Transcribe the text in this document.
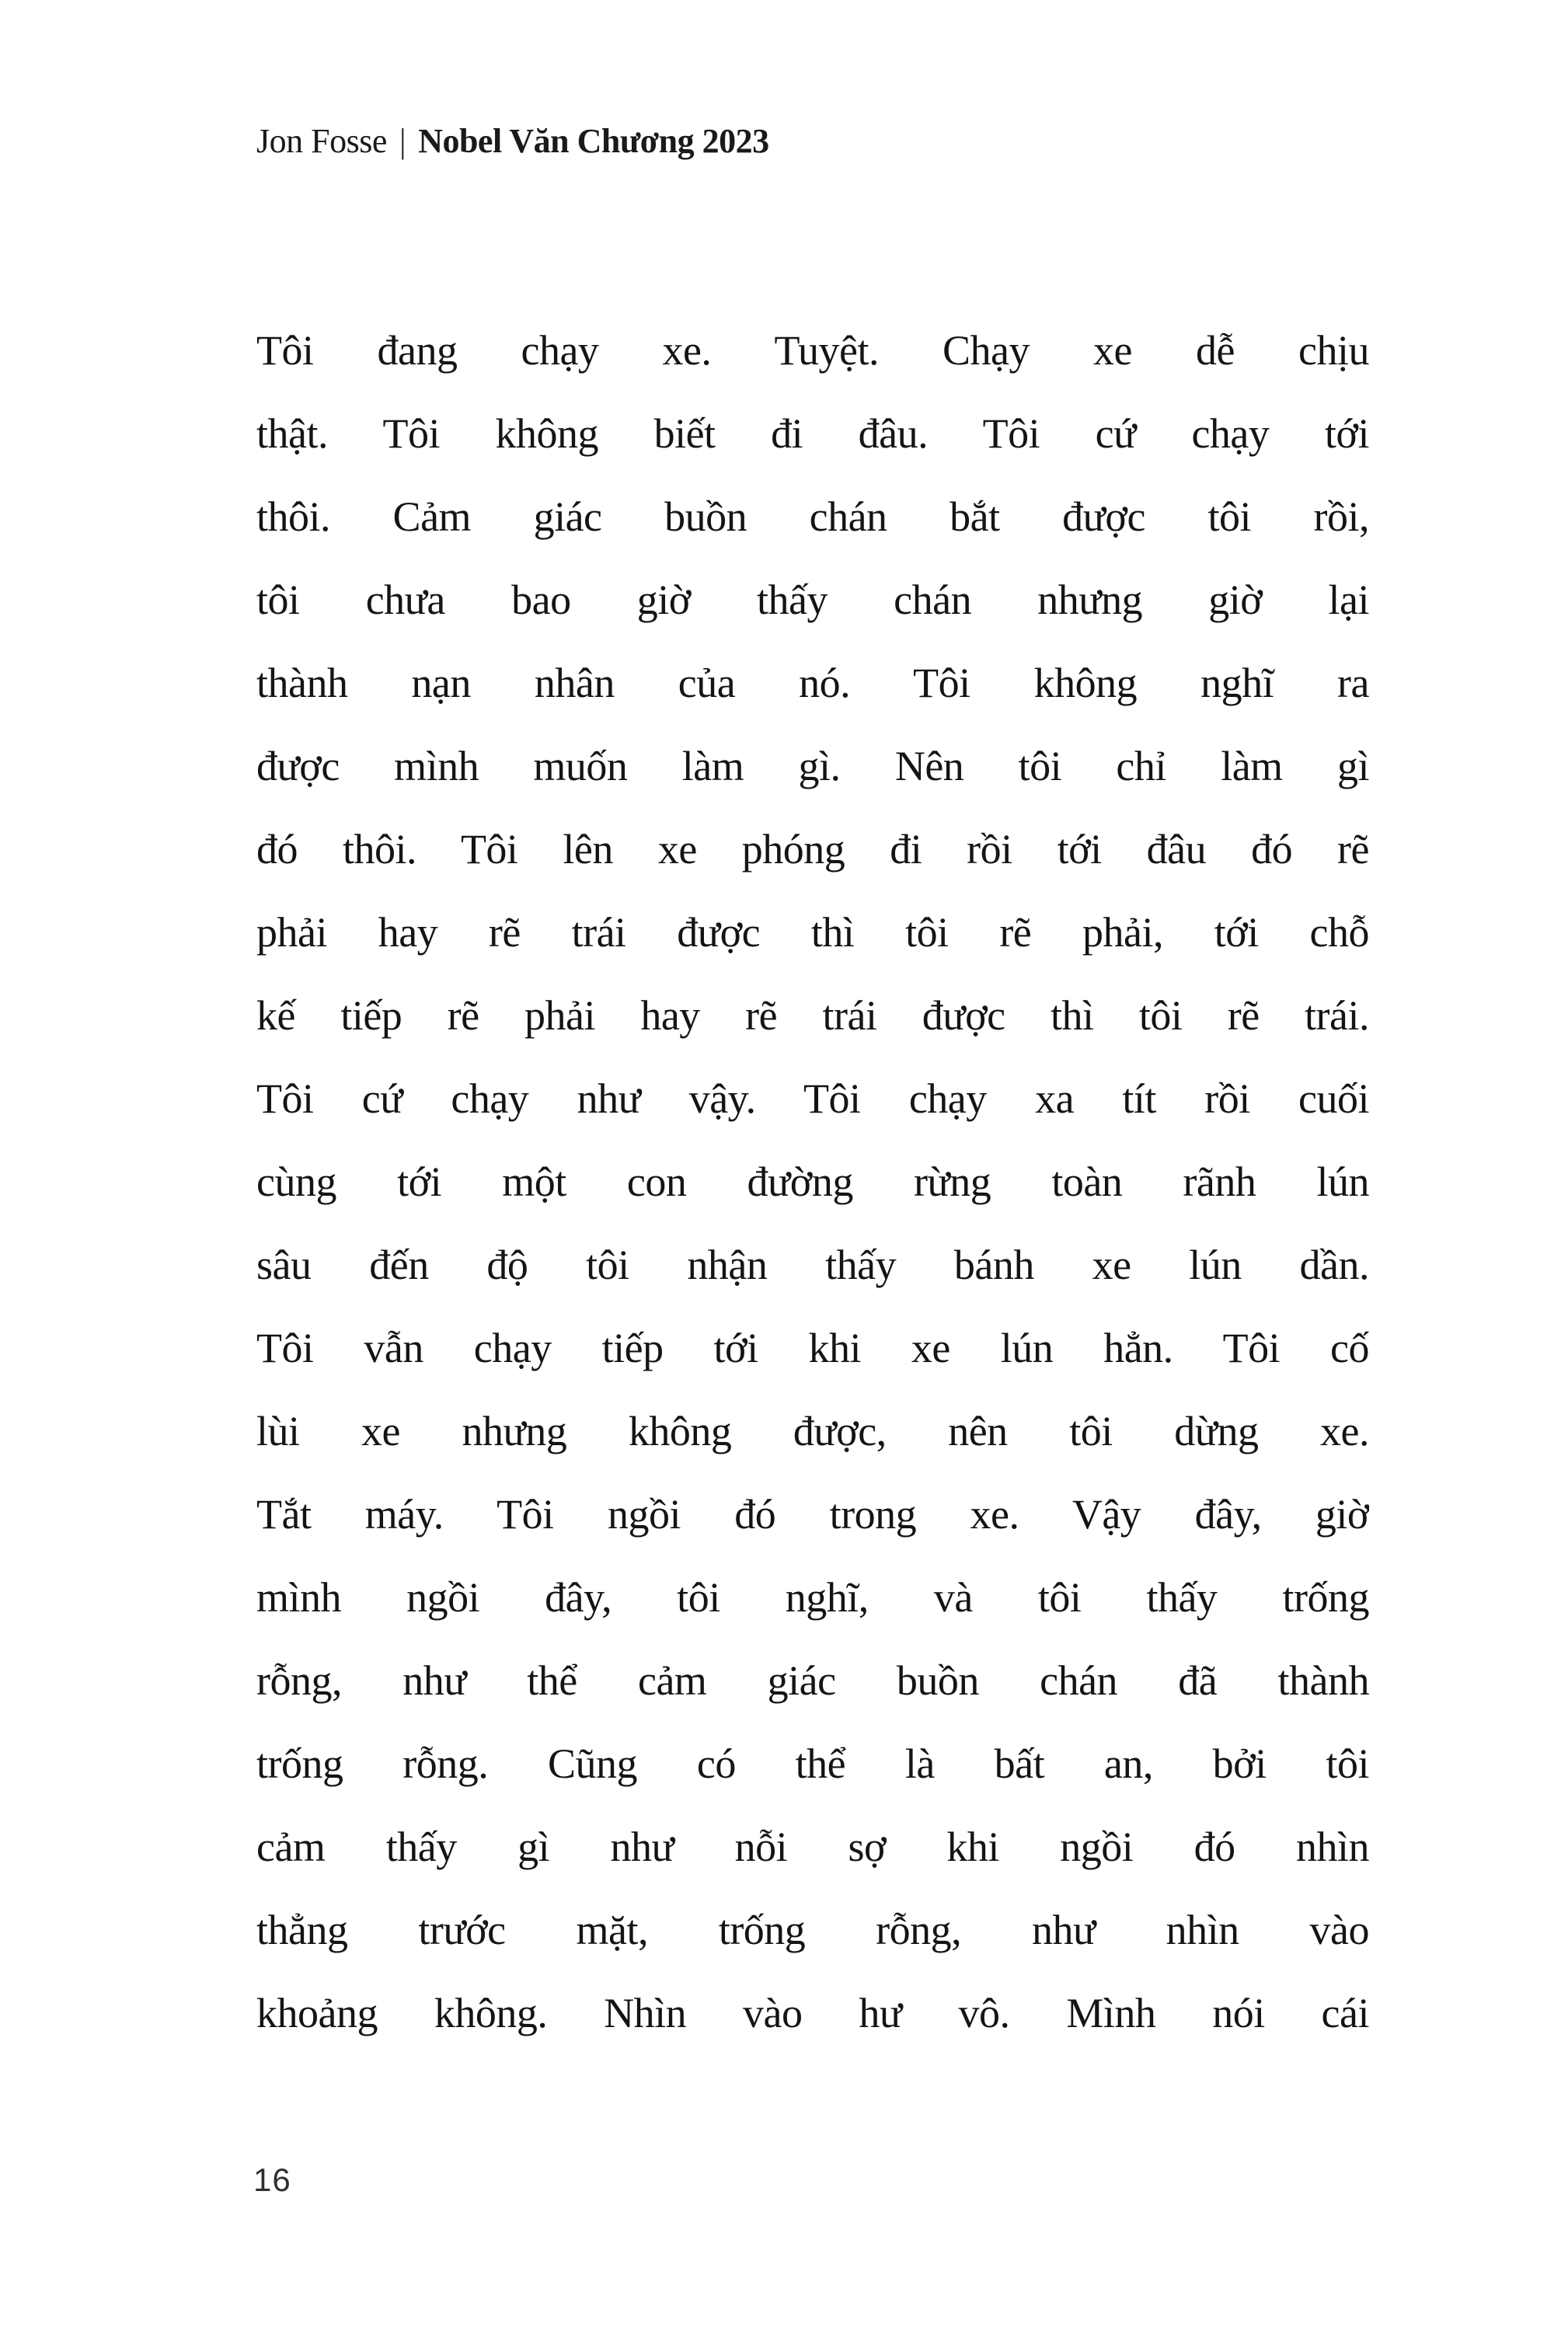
Jon Fosse | Nobel Văn Chương 2023
Tôi đang chạy xe. Tuyệt. Chạy xe dễ chịu
thật. Tôi không biết đi đâu. Tôi cứ chạy tới
thôi. Cảm giác buồn chán bắt được tôi rồi,
tôi chưa bao giờ thấy chán nhưng giờ lại
thành nạn nhân của nó. Tôi không nghĩ ra
được mình muốn làm gì. Nên tôi chỉ làm gì
đó thôi. Tôi lên xe phóng đi rồi tới đâu đó rẽ
phải hay rẽ trái được thì tôi rẽ phải, tới chỗ
kế tiếp rẽ phải hay rẽ trái được thì tôi rẽ trái.
Tôi cứ chạy như vậy. Tôi chạy xa tít rồi cuối
cùng tới một con đường rừng toàn rãnh lún
sâu đến độ tôi nhận thấy bánh xe lún dần.
Tôi vẫn chạy tiếp tới khi xe lún hẳn. Tôi cố
lùi xe nhưng không được, nên tôi dừng xe.
Tắt máy. Tôi ngồi đó trong xe. Vậy đây, giờ
mình ngồi đây, tôi nghĩ, và tôi thấy trống
rỗng, như thể cảm giác buồn chán đã thành
trống rỗng. Cũng có thể là bất an, bởi tôi
cảm thấy gì như nỗi sợ khi ngồi đó nhìn
thẳng trước mặt, trống rỗng, như nhìn vào
khoảng không. Nhìn vào hư vô. Mình nói cái
16
